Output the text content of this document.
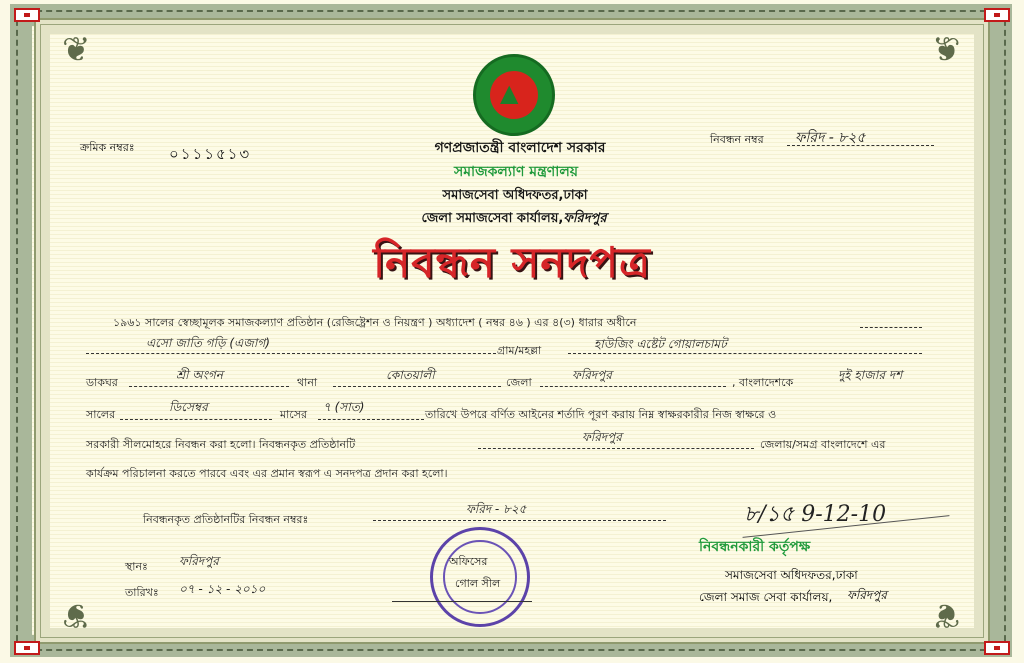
❦	❦
❦	❦
▲
গণপ্রজাতন্ত্রী বাংলাদেশ সরকার
সমাজকল্যাণ মন্ত্রণালয়
সমাজসেবা অধিদফতর,ঢাকা
জেলা সমাজসেবা কার্যালয়,ফরিদপুর
নিবন্ধন সনদপত্র
ক্রমিক নম্বরঃ ০১১১৫১৩
নিবন্ধন নম্বর ফরিদ - ৮২৫
১৯৬১ সালের স্বেচ্ছামূলক সমাজকল্যাণ প্রতিষ্ঠান (রেজিষ্ট্রেশন ও নিয়ন্ত্রণ ) অধ্যাদেশ ( নম্বর ৪৬ ) এর ৪(৩) ধারার অধীনে
এসো জাতি গড়ি (এজাগ)
গ্রাম/মহল্লা	হাউজিং এষ্টেট গোয়ালচামট
ডাকঘর
শ্রী অংগন
থানা
কোতয়ালী
জেলা
ফরিদপুর
, বাংলাদেশকে
দুই হাজার দশ
সালের
ডিসেম্বর
মাসের
৭ (সাত)
তারিখে উপরে বর্ণিত আইনের শর্তাদি পূরণ করায় নিম্ন স্বাক্ষরকারীর নিজ স্বাক্ষরে ও
সরকারী সীলমোহরে নিবন্ধন করা হলো। নিবন্ধনকৃত প্রতিষ্ঠানটি
ফরিদপুর
জেলায়/সমগ্র বাংলাদেশে এর
কার্যক্রম পরিচালনা করতে পারবে এবং এর প্রমান স্বরূপ এ সনদপত্র প্রদান করা হলো।
নিবন্ধনকৃত প্রতিষ্ঠানটির নিবন্ধন নম্বরঃ
ফরিদ - ৮২৫
স্থানঃ	ফরিদপুর
তারিখঃ ০৭ - ১২ - ২০১০
অফিসের
গোল সীল
৮/১৫ 9-12-10
নিবন্ধনকারী কর্তৃপক্ষ
সমাজসেবা অধিদফতর,ঢাকা
জেলা সমাজ সেবা কার্যালয়, ফরিদপুর
